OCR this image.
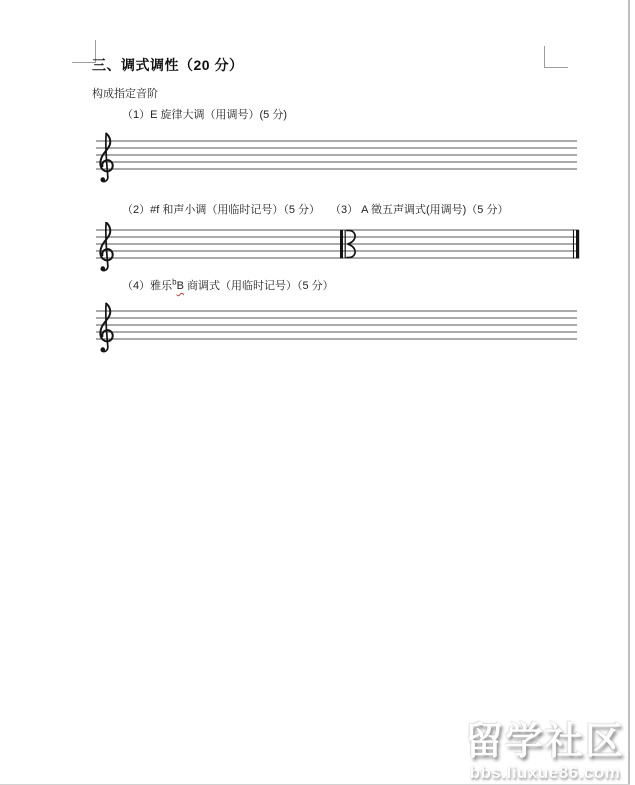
三、调式调性（20 分）
构成指定音阶
（1）E 旋律大调（用调号）(5 分)
（2）#f 和声小调（用临时记号）（5 分） （3） A 徵五声调式(用调号)（5 分）
（4）雅乐$^b$B 商调式（用临时记号）（5 分）
留学社区
bbs.liuxue86.com
